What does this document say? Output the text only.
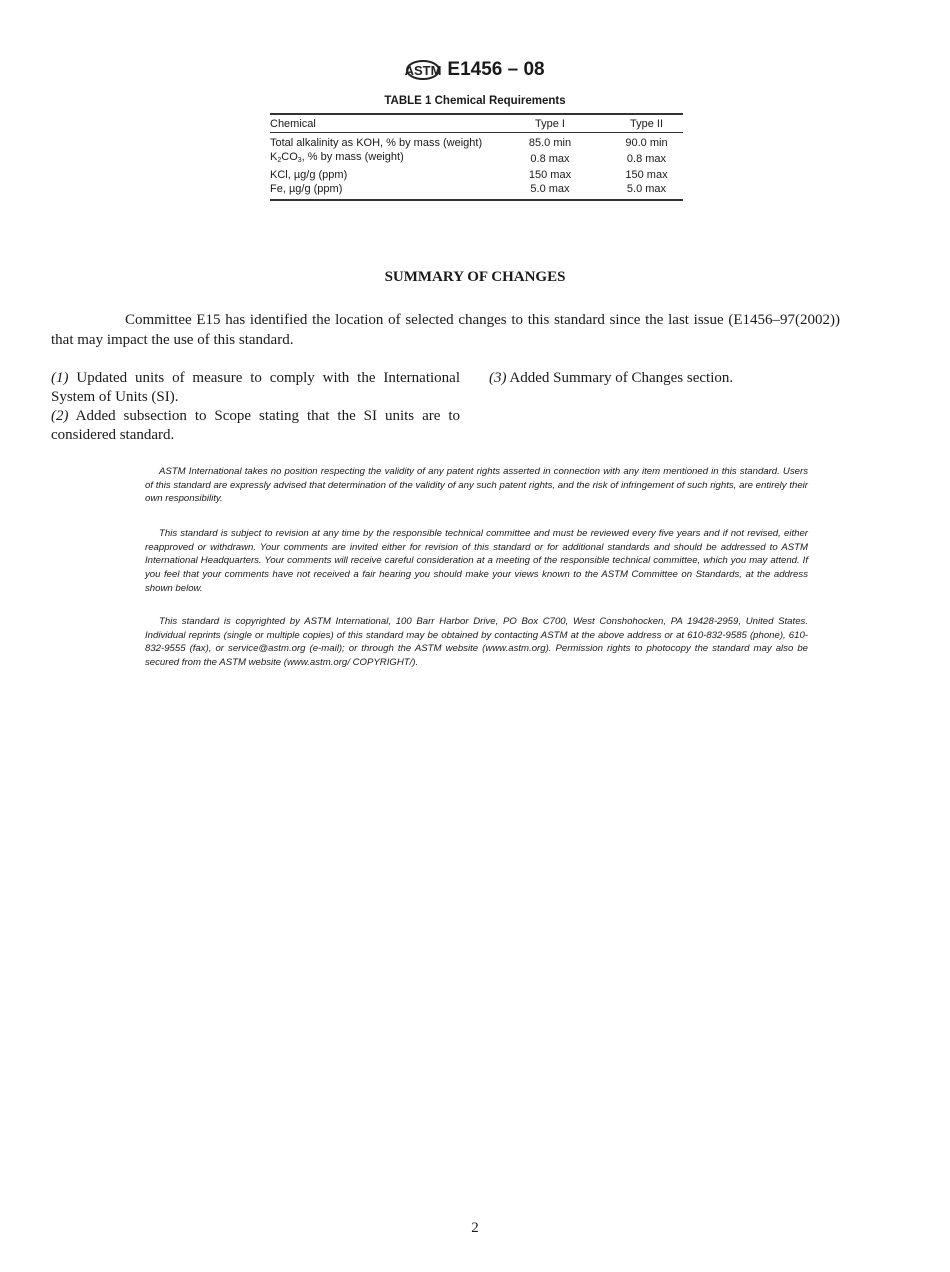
ASTM E1456 – 08
TABLE 1 Chemical Requirements
Chemical	Type I	Type II
Total alkalinity as KOH, % by mass (weight)	85.0 min	90.0 min
$K_2CO_3$, % by mass (weight)	0.8 max	0.8 max
KCl, µg/g (ppm)	150 max	150 max
Fe, µg/g (ppm)	5.0 max	5.0 max
SUMMARY OF CHANGES
Committee E15 has identified the location of selected changes to this standard since the last issue (E1456–97(2002)) that may impact the use of this standard.

(1) Updated units of measure to comply with the International System of Units (SI).

(2) Added subsection to Scope stating that the SI units are to considered standard.

(3) Added Summary of Changes section.

ASTM International takes no position respecting the validity of any patent rights asserted in connection with any item mentioned in this standard. Users of this standard are expressly advised that determination of the validity of any such patent rights, and the risk of infringement of such rights, are entirely their own responsibility.

This standard is subject to revision at any time by the responsible technical committee and must be reviewed every five years and if not revised, either reapproved or withdrawn. Your comments are invited either for revision of this standard or for additional standards and should be addressed to ASTM International Headquarters. Your comments will receive careful consideration at a meeting of the responsible technical committee, which you may attend. If you feel that your comments have not received a fair hearing you should make your views known to the ASTM Committee on Standards, at the address shown below.

This standard is copyrighted by ASTM International, 100 Barr Harbor Drive, PO Box C700, West Conshohocken, PA 19428-2959, United States. Individual reprints (single or multiple copies) of this standard may be obtained by contacting ASTM at the above address or at 610-832-9585 (phone), 610-832-9555 (fax), or service@astm.org (e-mail); or through the ASTM website (www.astm.org). Permission rights to photocopy the standard may also be secured from the ASTM website (www.astm.org/ COPYRIGHT/).

2
